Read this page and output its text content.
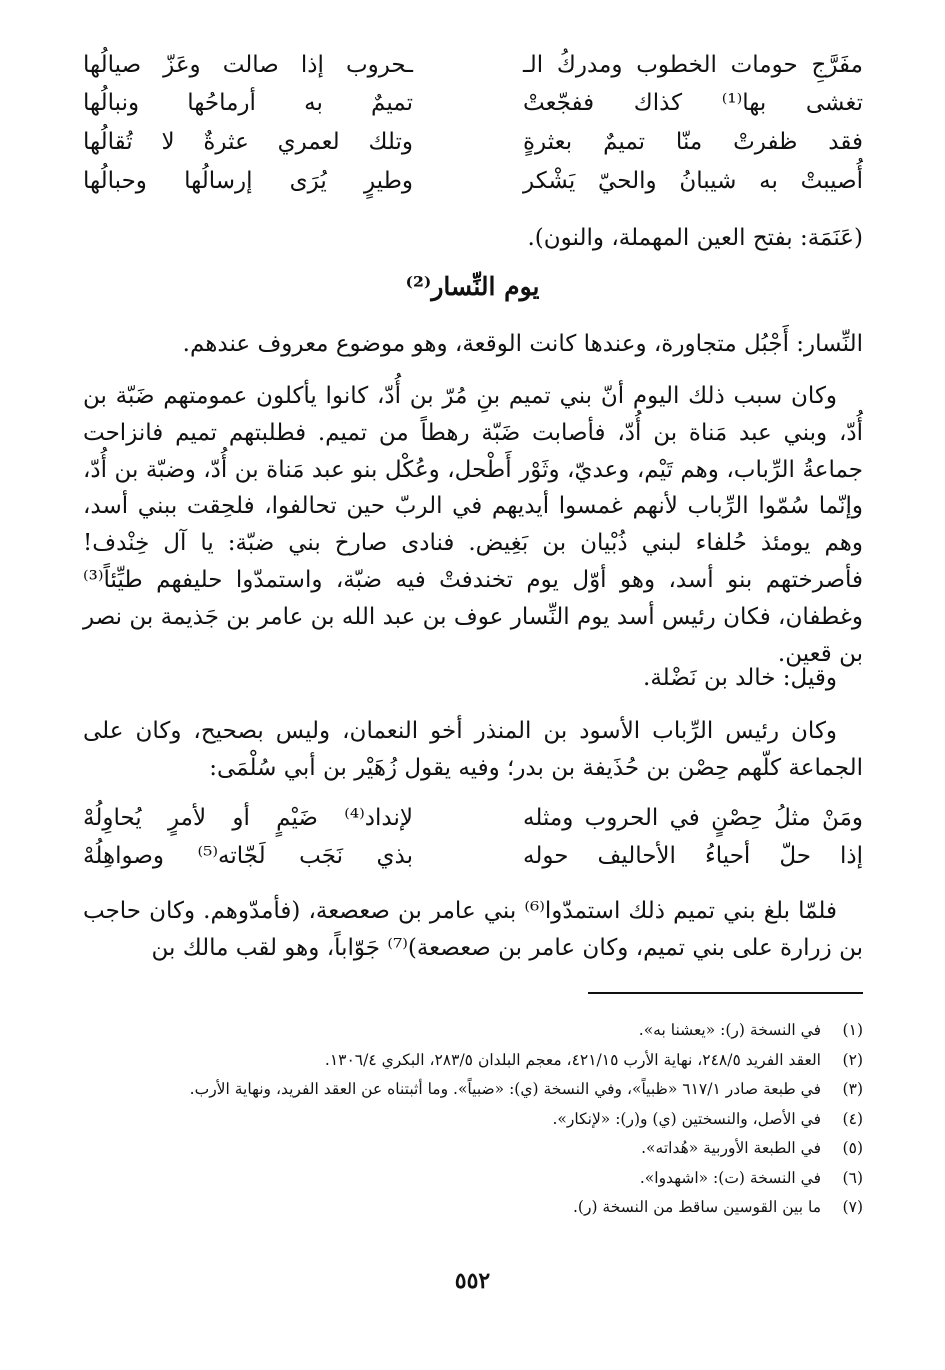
مفَرَّجِ حومات الخطوب ومدركُ الـ
ـحروب إذا صالت وعَزّ صيالُها
تغشى بها⁽¹⁾ كذاك ففجّعتْ
تميمٌ به أرماحُها ونبالُها
فقد ظفرتْ منّا تميمٌ بعثرةٍ
وتلك لعمري عثرةٌ لا تُقالُها
أُصيبتْ به شيبانُ والحيّ يَشْكر
وطيرٍ يُرَى إرسالُها وحبالُها
(عَنَمَة: بفتح العين المهملة، والنون).
يوم النِّسار⁽²⁾
النِّسار: أَجْبُل متجاورة، وعندها كانت الوقعة، وهو موضوع معروف عندهم.
وكان سبب ذلك اليوم أنّ بني تميم بنِ مُرّ بن أُدّ، كانوا يأكلون عمومتهم ضَبّة بن أُدّ، وبني عبد مَناة بن أُدّ، فأصابت ضَبّة رهطاً من تميم. فطلبتهم تميم فانزاحت جماعةُ الرِّباب، وهم تَيْم، وعديّ، وثَوْر أَطْحل، وعُكْل بنو عبد مَناة بن أُدّ، وضبّة بن أُدّ، وإنّما سُمّوا الرِّباب لأنهم غمسوا أيديهم في الربّ حين تحالفوا، فلحِقت ببني أسد، وهم يومئذ حُلفاء لبني ذُبْيان بن بَغِيض. فنادى صارخ بني ضبّة: يا آل خِنْدف! فأصرختهم بنو أسد، وهو أوّل يوم تخندفتْ فيه ضبّة، واستمدّوا حليفهم طيِّئاً⁽³⁾ وغطفان، فكان رئيس أسد يوم النِّسار عوف بن عبد الله بن عامر بن جَذيمة بن نصر بن قعين.
وقيل: خالد بن نَضْلة.
وكان رئيس الرِّباب الأسود بن المنذر أخو النعمان، وليس بصحيح، وكان على الجماعة كلّهم حِصْن بن حُذَيفة بن بدر؛ وفيه يقول زُهَيْر بن أبي سُلْمَى:
ومَنْ مثلُ حِصْنٍ في الحروب ومثله
لإنداد⁽⁴⁾ ضَيْمٍ أو لأمرٍ يُحاوِلُهْ
إذا حلّ أحياءُ الأحاليف حوله
بذي نَجَب لَجّاته⁽⁵⁾ وصواهِلُهْ
فلمّا بلغ بني تميم ذلك استمدّوا⁽⁶⁾ بني عامر بن صعصعة، (فأمدّوهم. وكان حاجب بن زرارة على بني تميم، وكان عامر بن صعصعة)⁽⁷⁾ جَوّاباً، وهو لقب مالك بن
(١)في النسخة (ر): «يعشنا به».
(٢)العقد الفريد ٢٤٨/٥، نهاية الأرب ٤٢١/١٥، معجم البلدان ٢٨٣/٥، البكري ١٣٠٦/٤.
(٣)في طبعة صادر ٦١٧/١ «ظبياً»، وفي النسخة (ي): «ضبياً». وما أثبتناه عن العقد الفريد، ونهاية الأرب.
(٤)في الأصل، والنسختين (ي) و(ر): «لإنكار».
(٥)في الطبعة الأوربية «هُداته».
(٦)في النسخة (ت): «اشهدوا».
(٧)ما بين القوسين ساقط من النسخة (ر).
٥٥٢
